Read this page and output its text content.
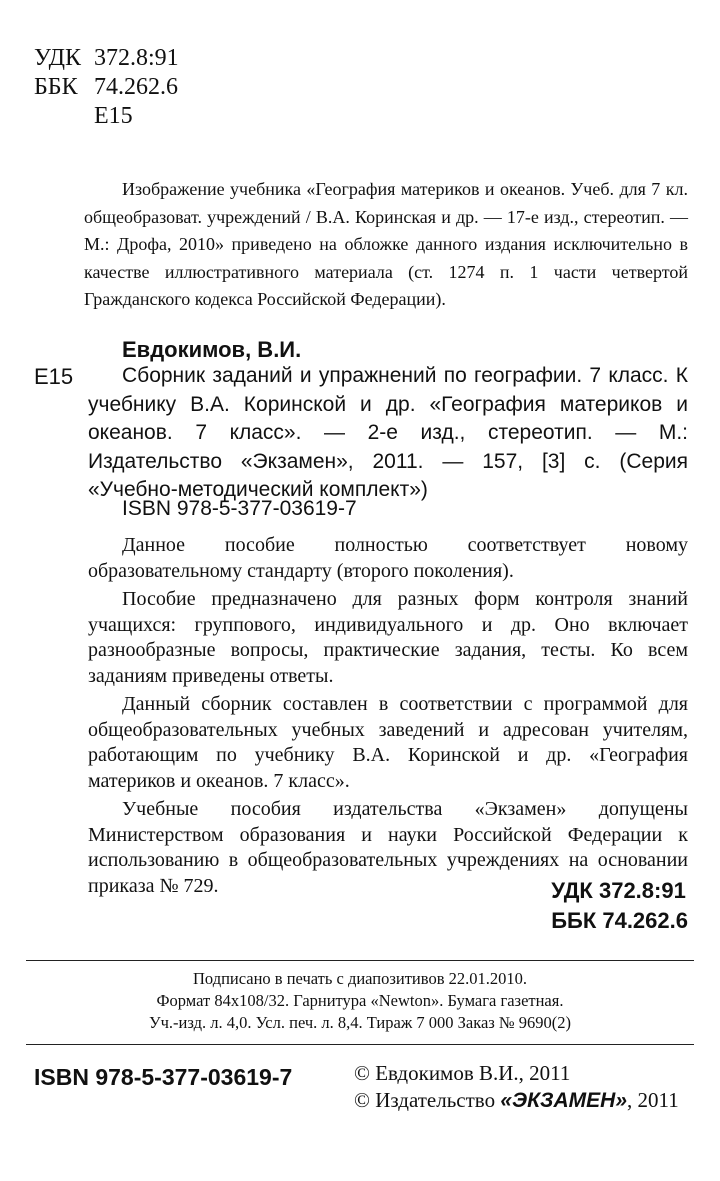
УДК 372.8:91
ББК 74.262.6
Е15
Изображение учебника «География материков и океанов. Учеб. для 7 кл. общеобразоват. учреждений / В.А. Коринская и др. — 17-е изд., стереотип. — М.: Дрофа, 2010» приведено на обложке данного издания исключительно в качестве иллюстративного материала (ст. 1274 п. 1 части четвертой Гражданского кодекса Российской Федерации).
Евдокимов, В.И.
Е15	Сборник заданий и упражнений по географии. 7 класс. К учебнику В.А. Коринской и др. «География материков и океанов. 7 класс». — 2-е изд., стереотип. — М.: Издательство «Экзамен», 2011. — 157, [3] с. (Серия «Учебно-методический комплект»)
ISBN 978-5-377-03619-7

Данное пособие полностью соответствует новому образовательному стандарту (второго поколения).

Пособие предназначено для разных форм контроля знаний учащихся: группового, индивидуального и др. Оно включает разнообразные вопросы, практические задания, тесты. Ко всем заданиям приведены ответы.

Данный сборник составлен в соответствии с программой для общеобразовательных учебных заведений и адресован учителям, работающим по учебнику В.А. Коринской и др. «География материков и океанов. 7 класс».

Учебные пособия издательства «Экзамен» допущены Министерством образования и науки Российской Федерации к использованию в общеобразовательных учреждениях на основании приказа № 729.	УДК 372.8:91
ББК 74.262.6
Подписано в печать с диапозитивов 22.01.2010.
Формат 84x108/32. Гарнитура «Newton». Бумага газетная.
Уч.-изд. л. 4,0. Усл. печ. л. 8,4. Тираж 7 000 Заказ № 9690(2)
ISBN 978-5-377-03619-7	© Евдокимов В.И., 2011
© Издательство «ЭКЗАМЕН», 2011
